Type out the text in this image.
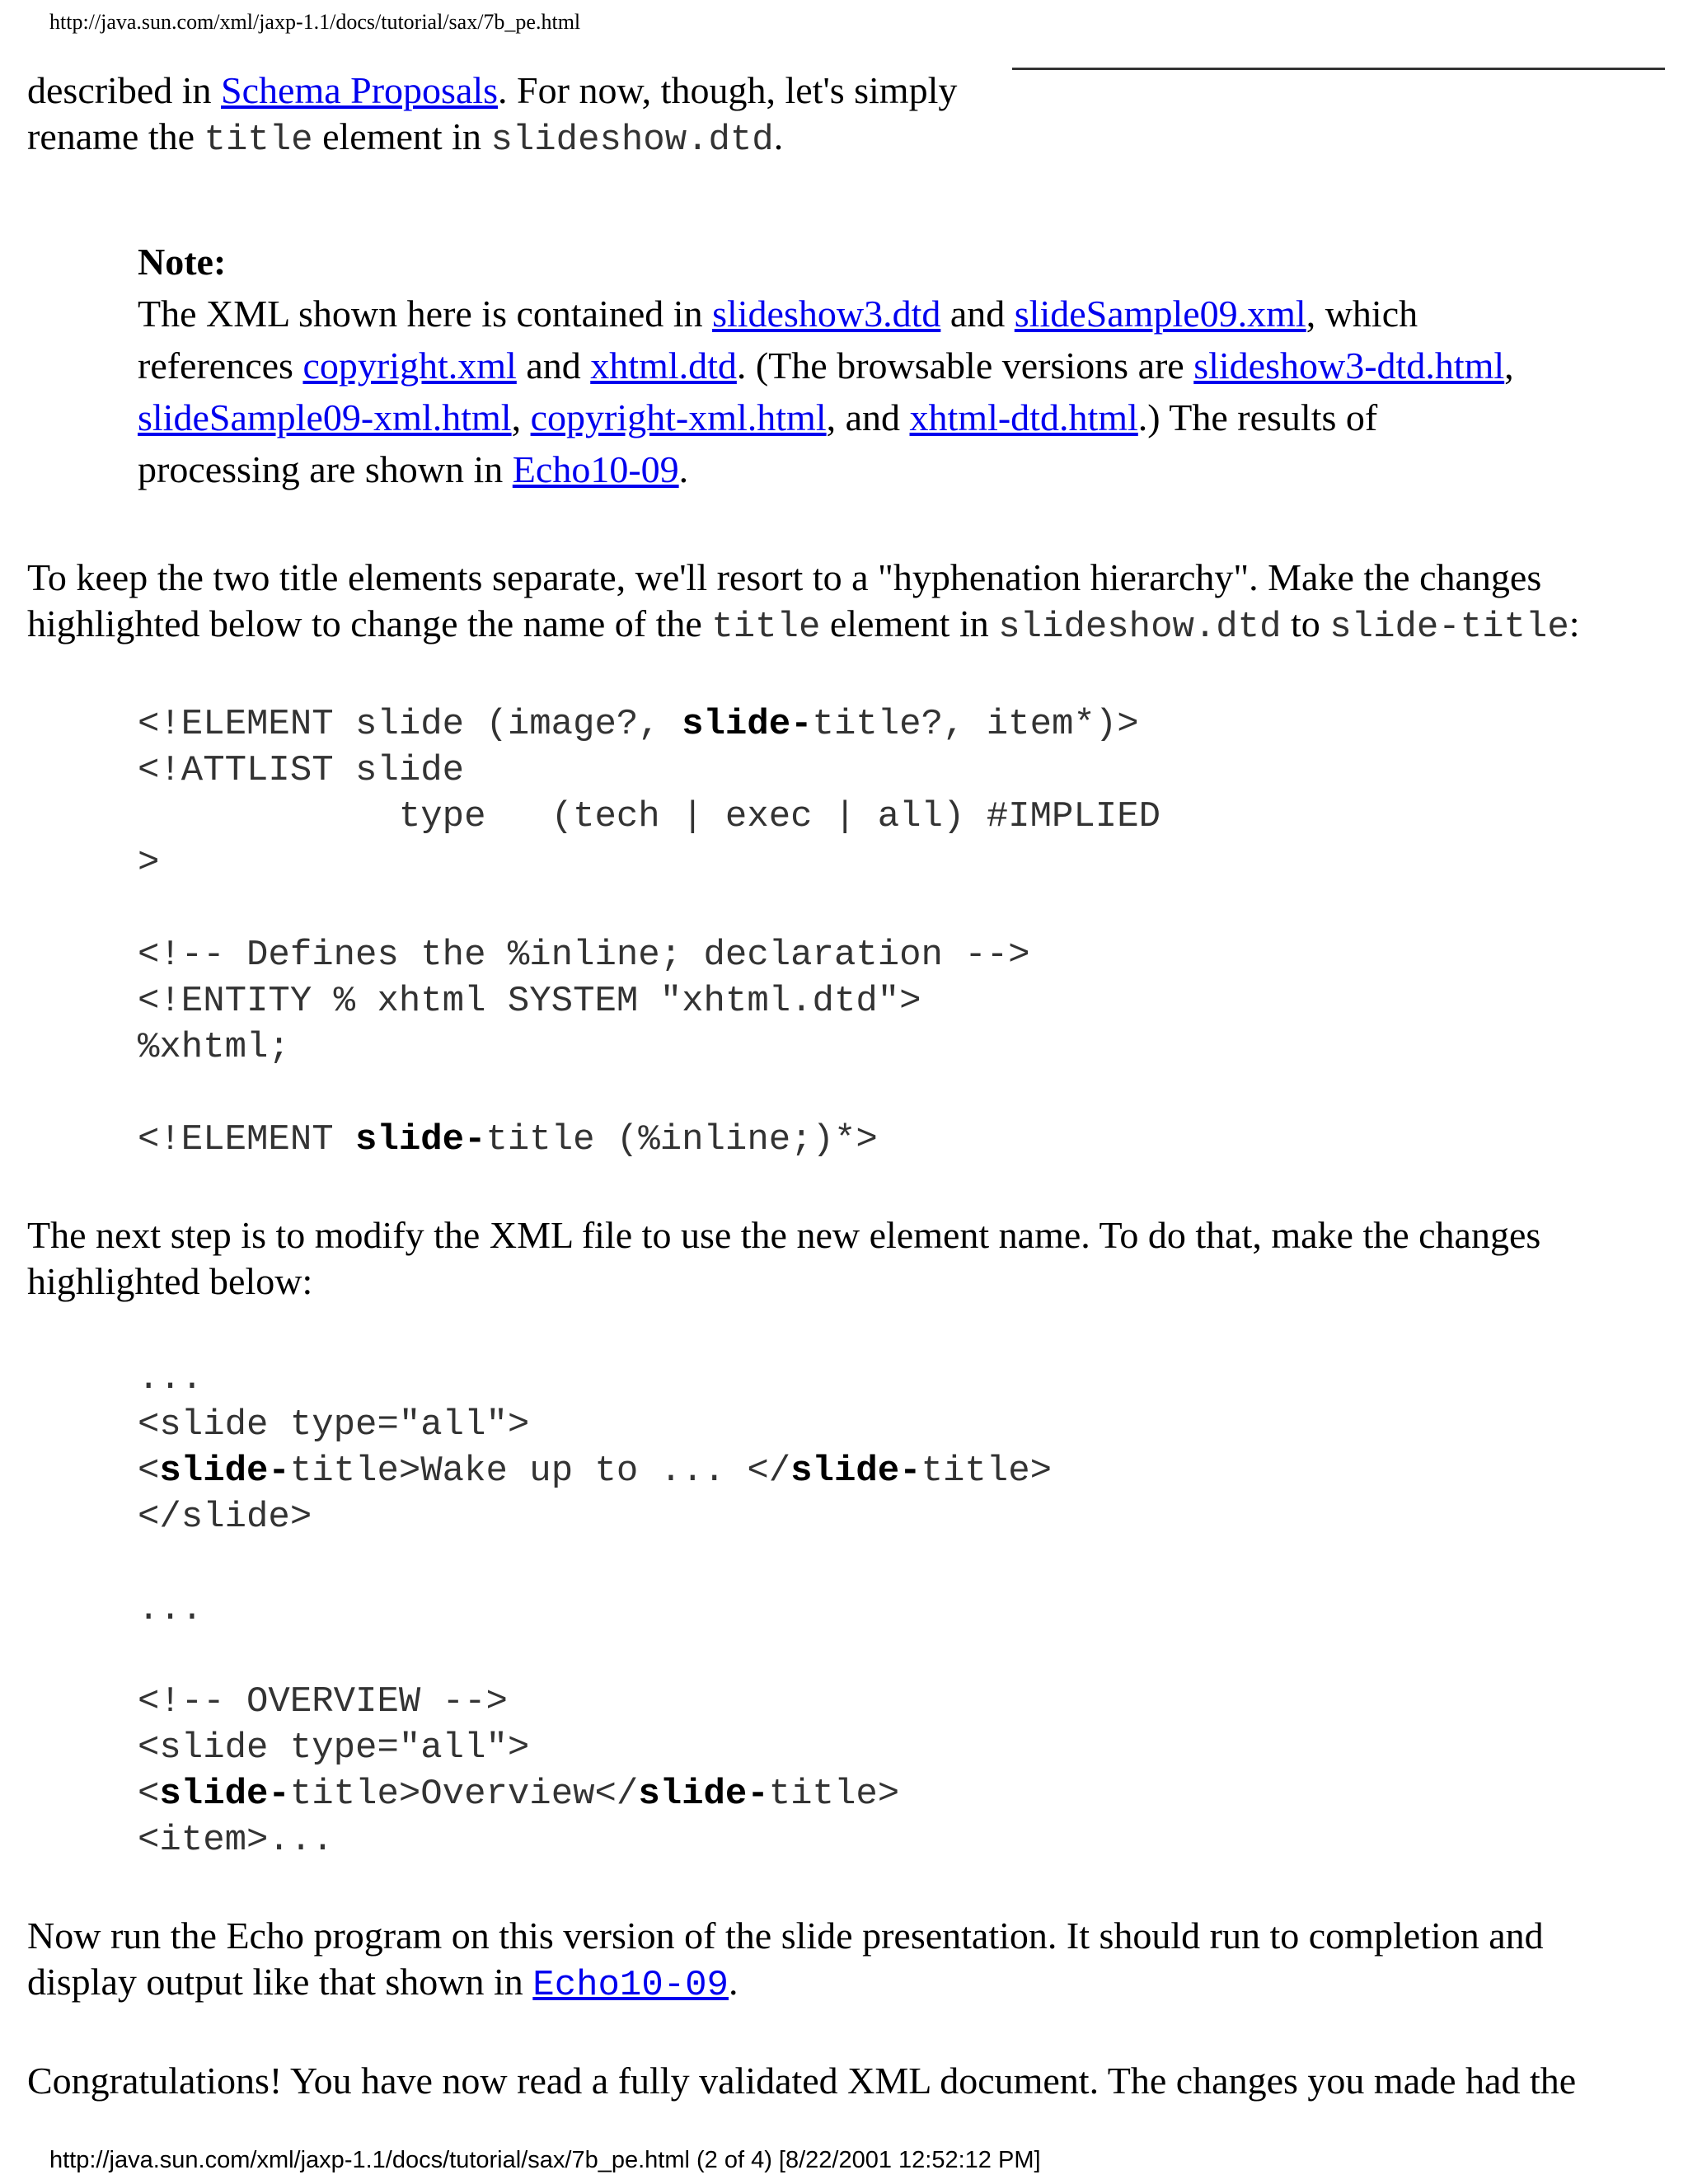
http://java.sun.com/xml/jaxp-1.1/docs/tutorial/sax/7b_pe.html

described in Schema Proposals. For now, though, let's simply
rename the title element in slideshow.dtd.

Note:
The XML shown here is contained in slideshow3.dtd and slideSample09.xml, which
references copyright.xml and xhtml.dtd. (The browsable versions are slideshow3-dtd.html,
slideSample09-xml.html, copyright-xml.html, and xhtml-dtd.html.) The results of
processing are shown in Echo10-09.

To keep the two title elements separate, we'll resort to a "hyphenation hierarchy". Make the changes
highlighted below to change the name of the title element in slideshow.dtd to slide-title:

<!ELEMENT slide (image?, slide-title?, item*)>
<!ATTLIST slide
type   (tech | exec | all) #IMPLIED
>

<!-- Defines the %inline; declaration -->
<!ENTITY % xhtml SYSTEM "xhtml.dtd">
%xhtml;

<!ELEMENT slide-title (%inline;)*>

The next step is to modify the XML file to use the new element name. To do that, make the changes
highlighted below:

...
<slide type="all">
<slide-title>Wake up to ... </slide-title>
</slide>

...

<!-- OVERVIEW -->
<slide type="all">
<slide-title>Overview</slide-title>
<item>...

Now run the Echo program on this version of the slide presentation. It should run to completion and
display output like that shown in Echo10-09.

Congratulations! You have now read a fully validated XML document. The changes you made had the

http://java.sun.com/xml/jaxp-1.1/docs/tutorial/sax/7b_pe.html (2 of 4) [8/22/2001 12:52:12 PM]
